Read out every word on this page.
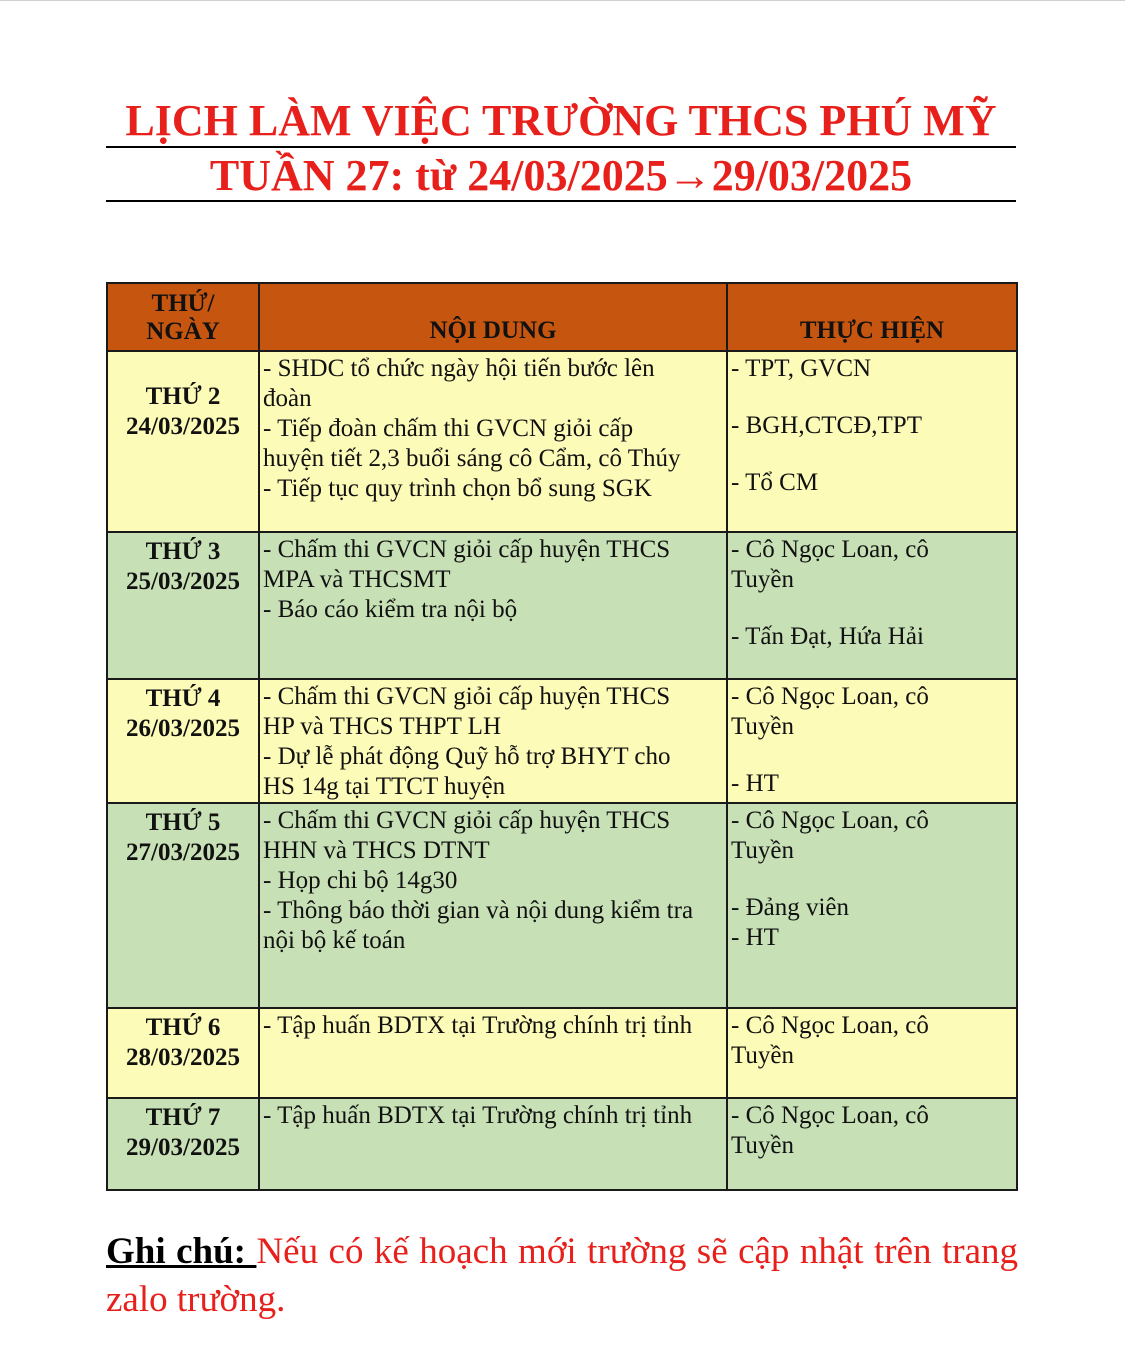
LỊCH LÀM VIỆC TRƯỜNG THCS PHÚ MỸ
TUẦN 27: từ 24/03/2025→29/03/2025
THỨ/
NGÀY	NỘI DUNG	THỰC HIỆN

THỨ 2
24/03/2025	- SHDC tổ chức ngày hội tiến bước lên
đoàn
- Tiếp đoàn chấm thi GVCN giỏi cấp
huyện tiết 2,3 buổi sáng cô Cẩm, cô Thúy
- Tiếp tục quy trình chọn bổ sung SGK	- TPT, GVCN
- BGH,CTCĐ,TPT
- Tổ CM

THỨ 3
25/03/2025	- Chấm thi GVCN giỏi cấp huyện THCS
MPA và THCSMT
- Báo cáo kiểm tra nội bộ	- Cô Ngọc Loan, cô
Tuyền
- Tấn Đạt, Hứa Hải

THỨ 4
26/03/2025	- Chấm thi GVCN giỏi cấp huyện THCS
HP và THCS THPT LH
- Dự lễ phát động Quỹ hỗ trợ BHYT cho
HS 14g tại TTCT huyện	- Cô Ngọc Loan, cô
Tuyền
- HT

THỨ 5
27/03/2025	- Chấm thi GVCN giỏi cấp huyện THCS
HHN và THCS DTNT
- Họp chi bộ 14g30
- Thông báo thời gian và nội dung kiểm tra
nội bộ kế toán	- Cô Ngọc Loan, cô
Tuyền
- Đảng viên
- HT

THỨ 6
28/03/2025	- Tập huấn BDTX tại Trường chính trị tỉnh	- Cô Ngọc Loan, cô
Tuyền

THỨ 7
29/03/2025	- Tập huấn BDTX tại Trường chính trị tỉnh	- Cô Ngọc Loan, cô
Tuyền
Ghi chú: Nếu có kế hoạch mới trường sẽ cập nhật trên trang zalo trường.
